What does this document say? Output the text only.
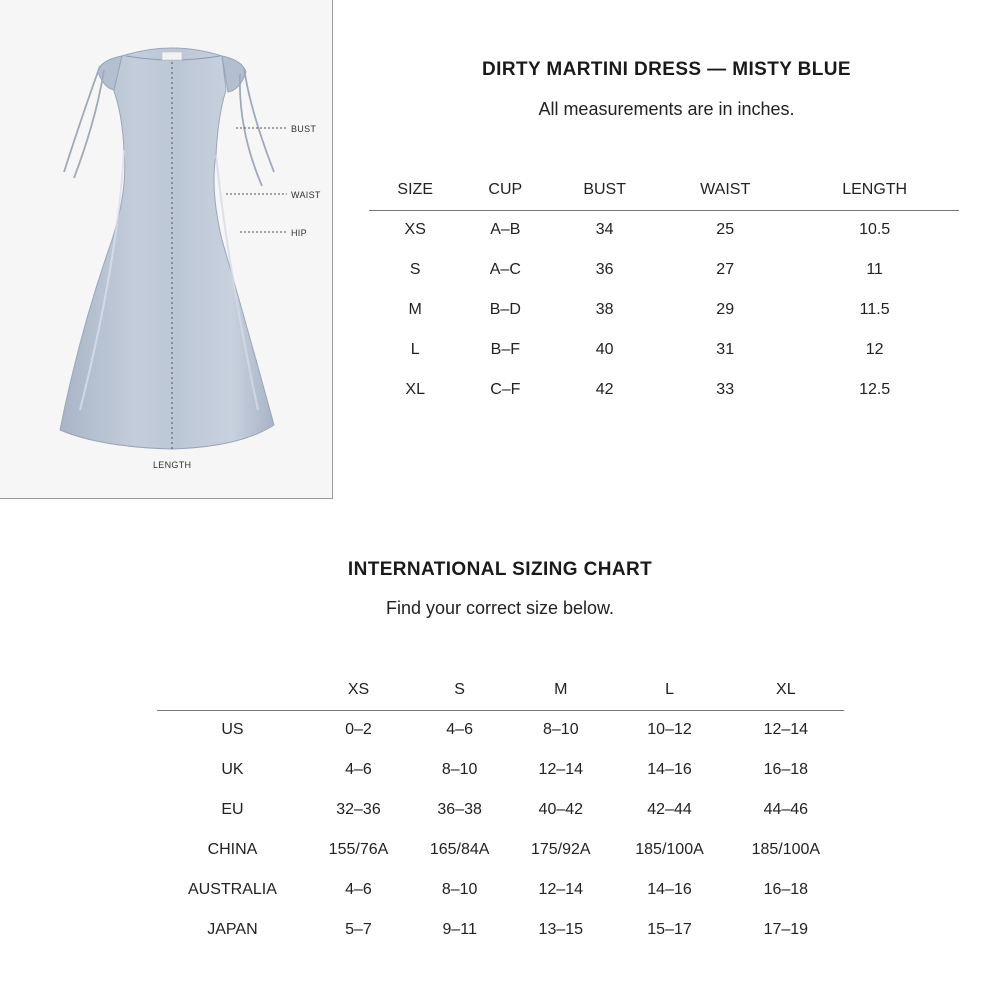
BUST
WAIST
HIP
LENGTH
DIRTY MARTINI DRESS — MISTY BLUE
All measurements are in inches.
SIZE	CUP	BUST	WAIST	LENGTH
XS	A–B	34	25	10.5
S	A–C	36	27	11
M	B–D	38	29	11.5
L	B–F	40	31	12
XL	C–F	42	33	12.5
INTERNATIONAL SIZING CHART
Find your correct size below.
	XS	S	M	L	XL
US	0–2	4–6	8–10	10–12	12–14
UK	4–6	8–10	12–14	14–16	16–18
EU	32–36	36–38	40–42	42–44	44–46
CHINA	155/76A	165/84A	175/92A	185/100A	185/100A
AUSTRALIA	4–6	8–10	12–14	14–16	16–18
JAPAN	5–7	9–11	13–15	15–17	17–19
